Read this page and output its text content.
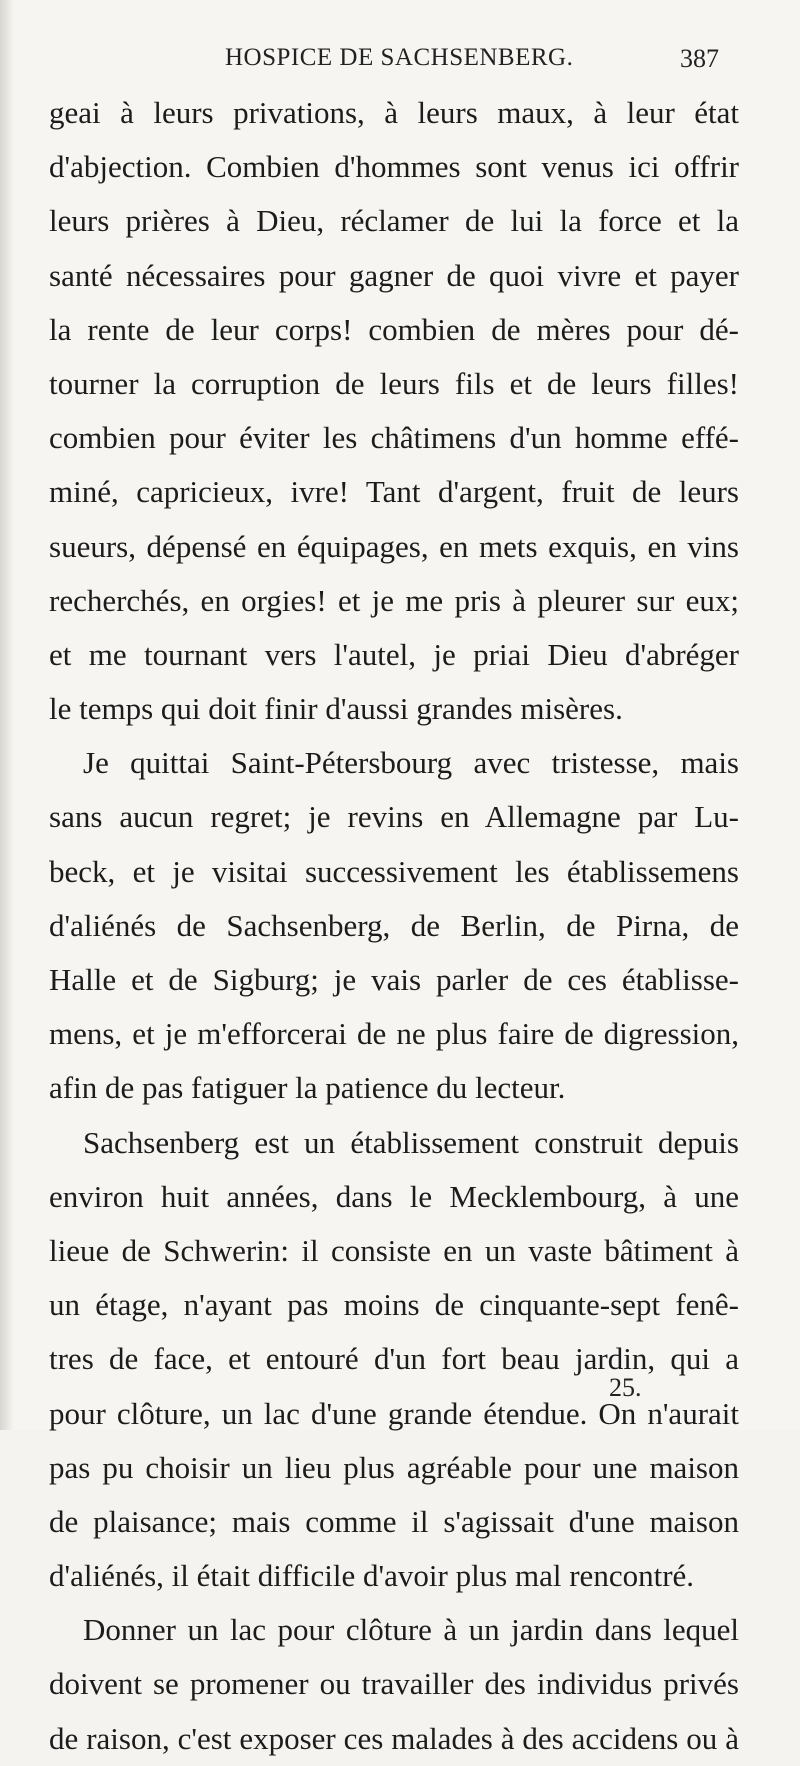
HOSPICE DE SACHSENBERG.	387
geai à leurs privations, à leurs maux, à leur état
d'abjection. Combien d'hommes sont venus ici offrir
leurs prières à Dieu, réclamer de lui la force et la
santé nécessaires pour gagner de quoi vivre et payer
la rente de leur corps! combien de mères pour dé-
tourner la corruption de leurs fils et de leurs filles!
combien pour éviter les châtimens d'un homme effé-
miné, capricieux, ivre! Tant d'argent, fruit de leurs
sueurs, dépensé en équipages, en mets exquis, en vins
recherchés, en orgies! et je me pris à pleurer sur eux;
et me tournant vers l'autel, je priai Dieu d'abréger
le temps qui doit finir d'aussi grandes misères.
Je quittai Saint-Pétersbourg avec tristesse, mais
sans aucun regret; je revins en Allemagne par Lu-
beck, et je visitai successivement les établissemens
d'aliénés de Sachsenberg, de Berlin, de Pirna, de
Halle et de Sigburg; je vais parler de ces établisse-
mens, et je m'efforcerai de ne plus faire de digression,
afin de pas fatiguer la patience du lecteur.
Sachsenberg est un établissement construit depuis
environ huit années, dans le Mecklembourg, à une
lieue de Schwerin: il consiste en un vaste bâtiment à
un étage, n'ayant pas moins de cinquante-sept fenê-
tres de face, et entouré d'un fort beau jardin, qui a
pour clôture, un lac d'une grande étendue. On n'aurait
pas pu choisir un lieu plus agréable pour une maison
de plaisance; mais comme il s'agissait d'une maison
d'aliénés, il était difficile d'avoir plus mal rencontré.
Donner un lac pour clôture à un jardin dans lequel
doivent se promener ou travailler des individus privés
de raison, c'est exposer ces malades à des accidens ou à
25.
